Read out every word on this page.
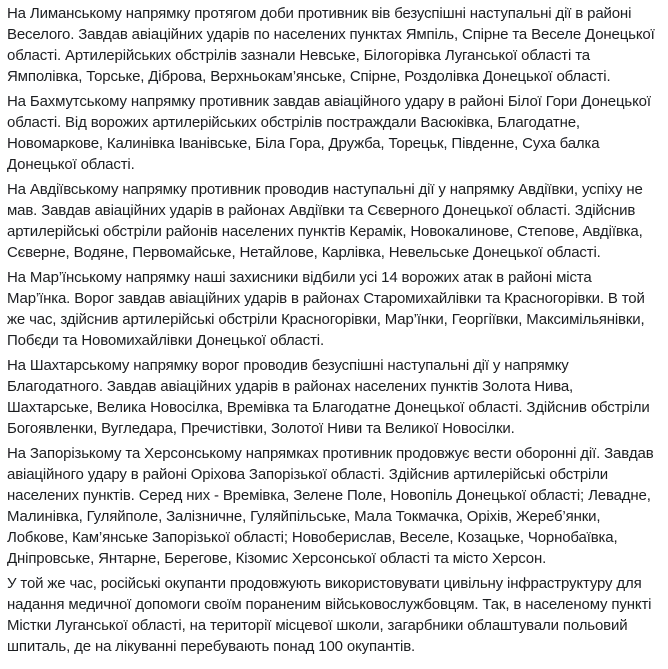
На Лиманському напрямку протягом доби противник вів безуспішні наступальні дії в районі Веселого. Завдав авіаційних ударів по населених пунктах Ямпіль, Спірне та Веселе Донецької області. Артилерійських обстрілів зазнали Невське, Білогорівка Луганської області та Ямполівка, Торське, Діброва, Верхньокам’янське, Спірне, Роздолівка Донецької області.

На Бахмутському напрямку противник завдав авіаційного удару в районі Білої Гори Донецької області. Від ворожих артилерійських обстрілів постраждали Васюківка, Благодатне, Новомаркове, Калинівка Іванівське, Біла Гора, Дружба, Торецьк, Південне, Суха балка Донецької області.

На Авдіївському напрямку противник проводив наступальні дії у напрямку Авдіївки, успіху не мав. Завдав авіаційних ударів в районах Авдіївки та Сєверного Донецької області. Здійснив артилерійські обстріли районів населених пунктів Керамік, Новокалинове, Степове, Авдіївка, Сєверне, Водяне, Первомайське, Нетайлове, Карлівка, Невельське Донецької області.

На Мар’їнському напрямку наші захисники відбили усі 14 ворожих атак в районі міста Мар’їнка. Ворог завдав авіаційних ударів в районах Старомихайлівки та Красногорівки. В той же час, здійснив артилерійські обстріли Красногорівки, Мар’їнки, Георгіївки, Максимільянівки, Побєди та Новомихайлівки Донецької області.

На Шахтарському напрямку ворог проводив безуспішні наступальні дії у напрямку Благодатного. Завдав авіаційних ударів в районах населених пунктів Золота Нива, Шахтарське, Велика Новосілка, Времівка та Благодатне Донецької області. Здійснив обстріли Богоявленки, Вугледара, Пречистівки, Золотої Ниви та Великої Новосілки.

На Запорізькому та Херсонському напрямках противник продовжує вести оборонні дії. Завдав авіаційного удару в районі Оріхова Запорізької області. Здійснив артилерійські обстріли населених пунктів. Серед них - Времівка, Зелене Поле, Новопіль Донецької області; Левадне, Малинівка, Гуляйполе, Залізничне, Гуляйпільське, Мала Токмачка, Оріхів, Жереб’янки, Лобкове, Кам’янське Запорізької області; Новоберислав, Веселе, Козацьке, Чорнобаївка, Дніпровське, Янтарне, Берегове, Кізомис Херсонської області та місто Херсон.

У той же час, російські окупанти продовжують використовувати цивільну інфраструктуру для надання медичної допомоги своїм пораненим військовослужбовцям. Так, в населеному пункті Містки Луганської області, на території місцевої школи, загарбники облаштували польовий шпиталь, де на лікуванні перебувають понад 100 окупантів.
